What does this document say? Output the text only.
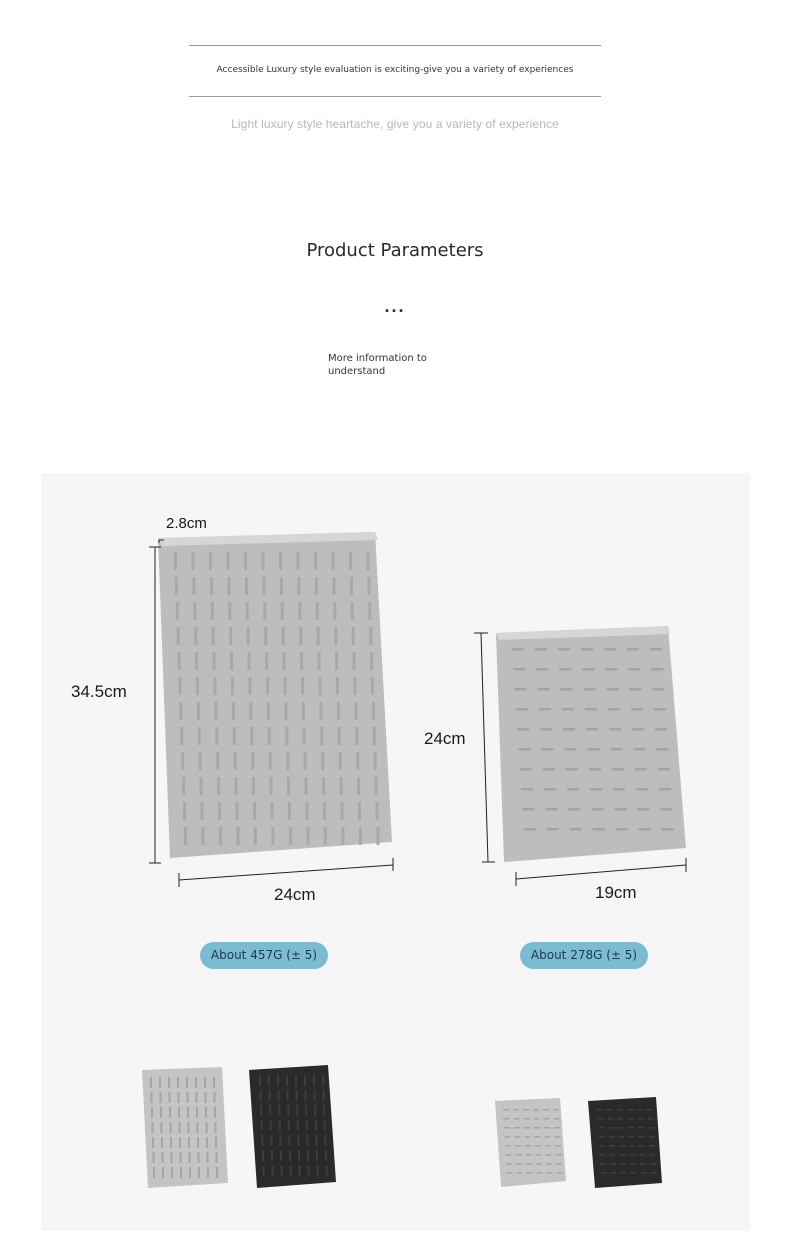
Accessible Luxury style evaluation is exciting-give you a variety of experiences
Light luxury style heartache, give you a variety of experience
Product Parameters
...
More information to
understand
2.8cm
34.5cm
24cm
24cm
19cm
About 457G (± 5)	About 278G (± 5)
